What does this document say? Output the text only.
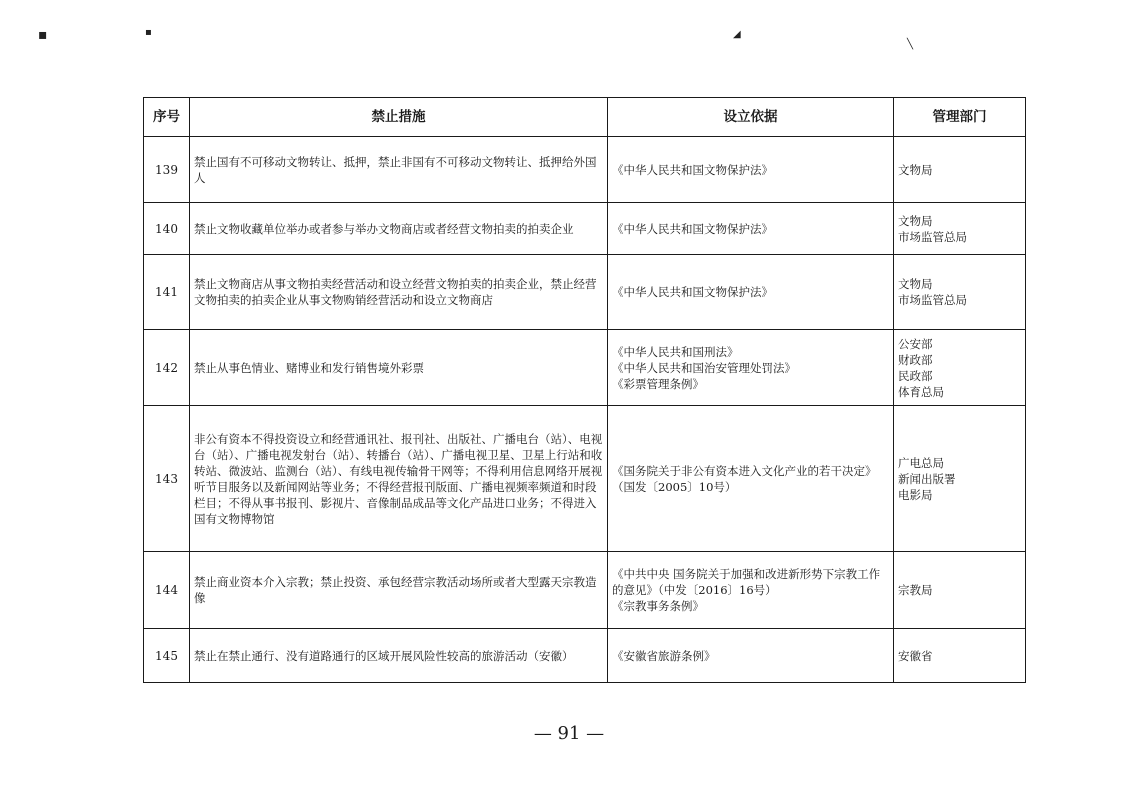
▪	▪	◢
╲
序号	禁止措施	设立依据	管理部门
139	禁止国有不可移动文物转让、抵押，禁止非国有不可移动文物转让、抵押给外国人	《中华人民共和国文物保护法》	文物局

140	禁止文物收藏单位举办或者参与举办文物商店或者经营文物拍卖的拍卖企业	《中华人民共和国文物保护法》	文物局
市场监管总局

141	禁止文物商店从事文物拍卖经营活动和设立经营文物拍卖的拍卖企业，禁止经营文物拍卖的拍卖企业从事文物购销经营活动和设立文物商店	《中华人民共和国文物保护法》	文物局
市场监管总局

142	禁止从事色情业、赌博业和发行销售境外彩票	《中华人民共和国刑法》
《中华人民共和国治安管理处罚法》
《彩票管理条例》	公安部
财政部
民政部
体育总局

143	非公有资本不得投资设立和经营通讯社、报刊社、出版社、广播电台（站）、电视台（站）、广播电视发射台（站）、转播台（站）、广播电视卫星、卫星上行站和收转站、微波站、监测台（站）、有线电视传输骨干网等；不得利用信息网络开展视听节目服务以及新闻网站等业务；不得经营报刊版面、广播电视频率频道和时段栏目；不得从事书报刊、影视片、音像制品成品等文化产品进口业务；不得进入国有文物博物馆	《国务院关于非公有资本进入文化产业的若干决定》（国发〔2005〕10号）	广电总局
新闻出版署
电影局

144	禁止商业资本介入宗教；禁止投资、承包经营宗教活动场所或者大型露天宗教造像	《中共中央 国务院关于加强和改进新形势下宗教工作的意见》（中发〔2016〕16号）
《宗教事务条例》	宗教局

145	禁止在禁止通行、没有道路通行的区域开展风险性较高的旅游活动（安徽）	《安徽省旅游条例》	安徽省
— 91 —
